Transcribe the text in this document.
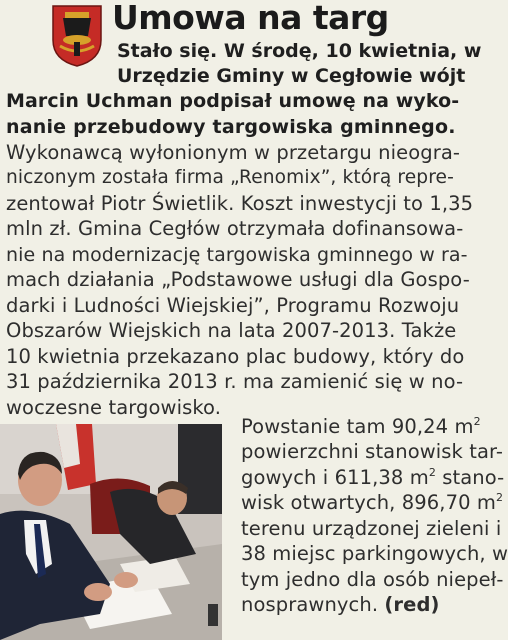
Umowa na targ
Stało się. W środę, 10 kwietnia, w
Urzędzie Gminy w Cegłowie wójt
Marcin Uchman podpisał umowę na wyko-
nanie przebudowy targowiska gminnego.
Wykonawcą wyłonionym w przetargu nieogra-
niczonym została firma „Renomix”, którą repre-
zentował Piotr Świetlik. Koszt inwestycji to 1,35
mln zł. Gmina Cegłów otrzymała dofinansowa-
nie na modernizację targowiska gminnego w ra-
mach działania „Podstawowe usługi dla Gospo-
darki i Ludności Wiejskiej”, Programu Rozwoju
Obszarów Wiejskich na lata 2007-2013. Także
10 kwietnia przekazano plac budowy, który do
31 października 2013 r. ma zamienić się w no-
woczesne targowisko.
Powstanie tam 90,24 $m^2$
powierzchni stanowisk tar-
gowych i 611,38 $m^2$ stano-
wisk otwartych, 896,70 $m^2$
terenu urządzonej zieleni i
38 miejsc parkingowych, w
tym jedno dla osób niepeł-
nosprawnych. (red)
